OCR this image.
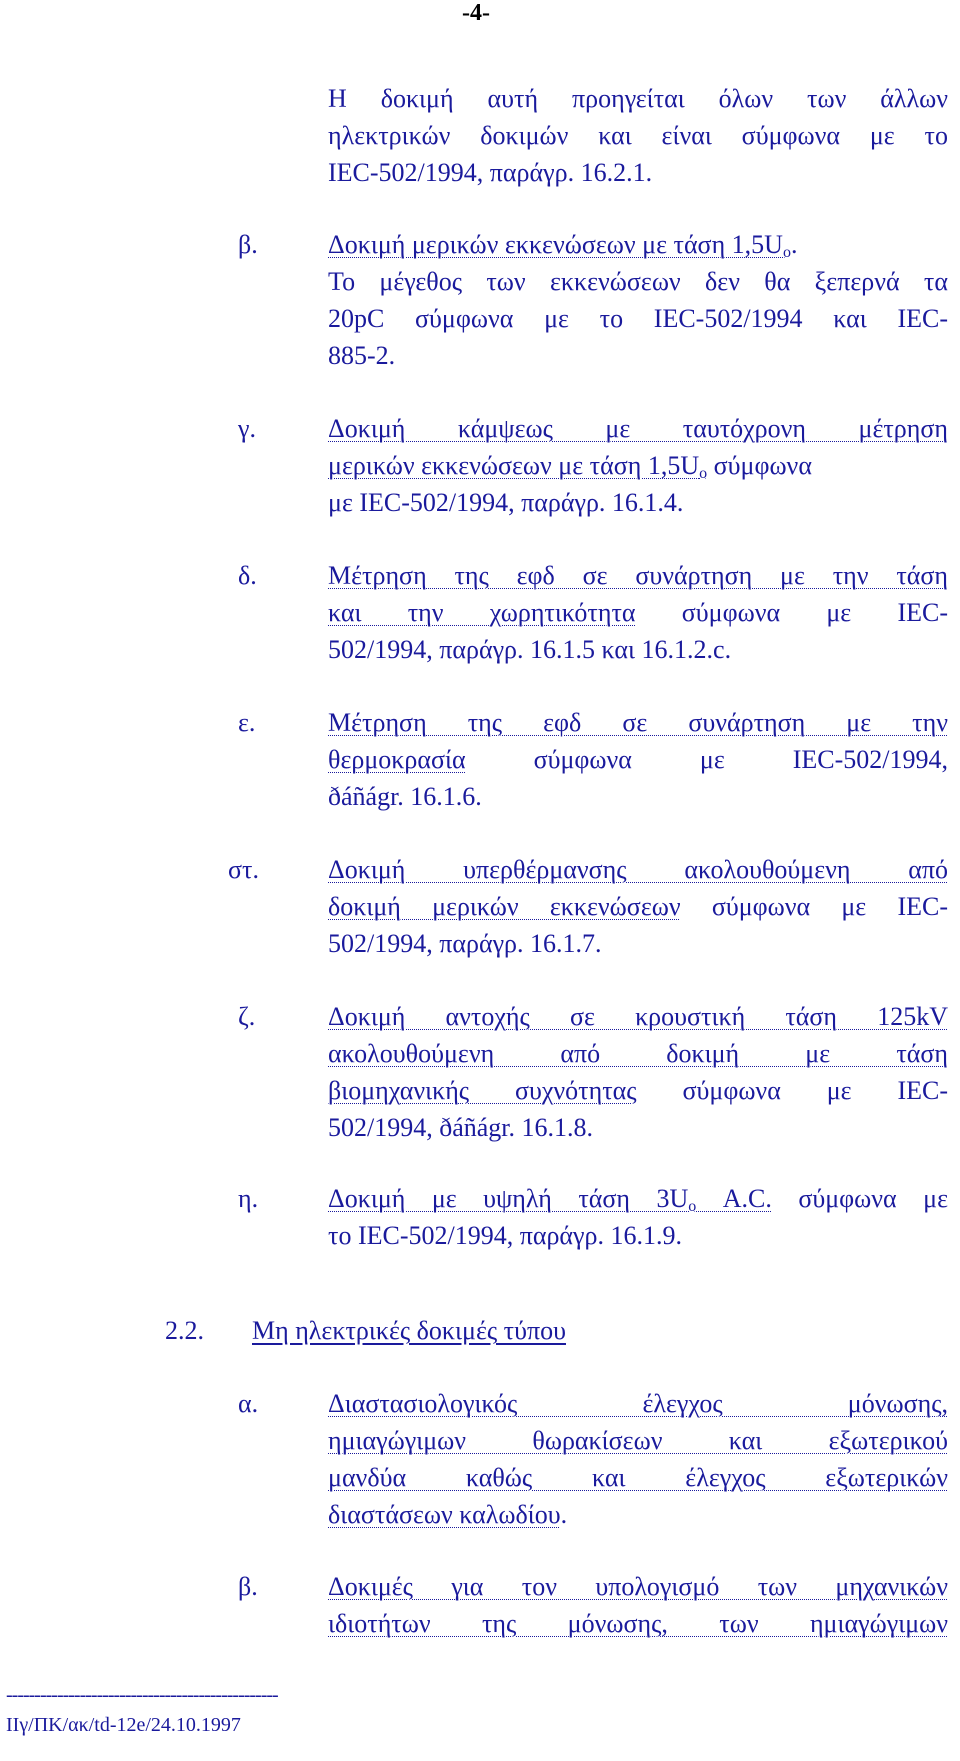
-4-
Η δοκιμή αυτή προηγείται όλων των άλλων
ηλεκτρικών δοκιμών και είναι σύμφωνα με το
IEC-502/1994, παράγρ. 16.2.1.
β.	Δοκιμή μερικών εκκενώσεων με τάση $1,5U_o$.
Το μέγεθος των εκκενώσεων δεν θα ξεπερνά τα
20pC σύμφωνα με το IEC-502/1994 και IEC-
885-2.
γ.	Δοκιμή κάμψεως με ταυτόχρονη μέτρηση
μερικών εκκενώσεων με τάση $1,5U_o$ σύμφωνα
με IEC-502/1994, παράγρ. 16.1.4.
δ.	Μέτρηση της εφδ σε συνάρτηση με την τάση
και την χωρητικότητα σύμφωνα με IEC-
502/1994, παράγρ. 16.1.5 και 16.1.2.c.
ε.	Μέτρηση της εφδ σε συνάρτηση με την
θερμοκρασία σύμφωνα με IEC-502/1994,
ðáñágr. 16.1.6.
στ.	Δοκιμή υπερθέρμανσης ακολουθούμενη από
δοκιμή μερικών εκκενώσεων σύμφωνα με IEC-
502/1994, παράγρ. 16.1.7.
ζ.	Δοκιμή αντοχής σε κρουστική τάση 125kV
ακολουθούμενη από δοκιμή με τάση
βιομηχανικής συχνότητας σύμφωνα με IEC-
502/1994, ðáñágr. 16.1.8.
η.	Δοκιμή με υψηλή τάση $3U_o$ A.C. σύμφωνα με
το IEC-502/1994, παράγρ. 16.1.9.
2.2. Μη ηλεκτρικές δοκιμές τύπου
α.	Διαστασιολογικός έλεγχος μόνωσης,
ημιαγώγιμων θωρακίσεων και εξωτερικού
μανδύα καθώς και έλεγχος εξωτερικών
διαστάσεων καλωδίου.
β.	Δοκιμές για τον υπολογισμό των μηχανικών
ιδιοτήτων της μόνωσης, των ημιαγώγιμων
------------------------------------------------
ΙΙγ/ΠΚ/ακ/td-12e/24.10.1997
